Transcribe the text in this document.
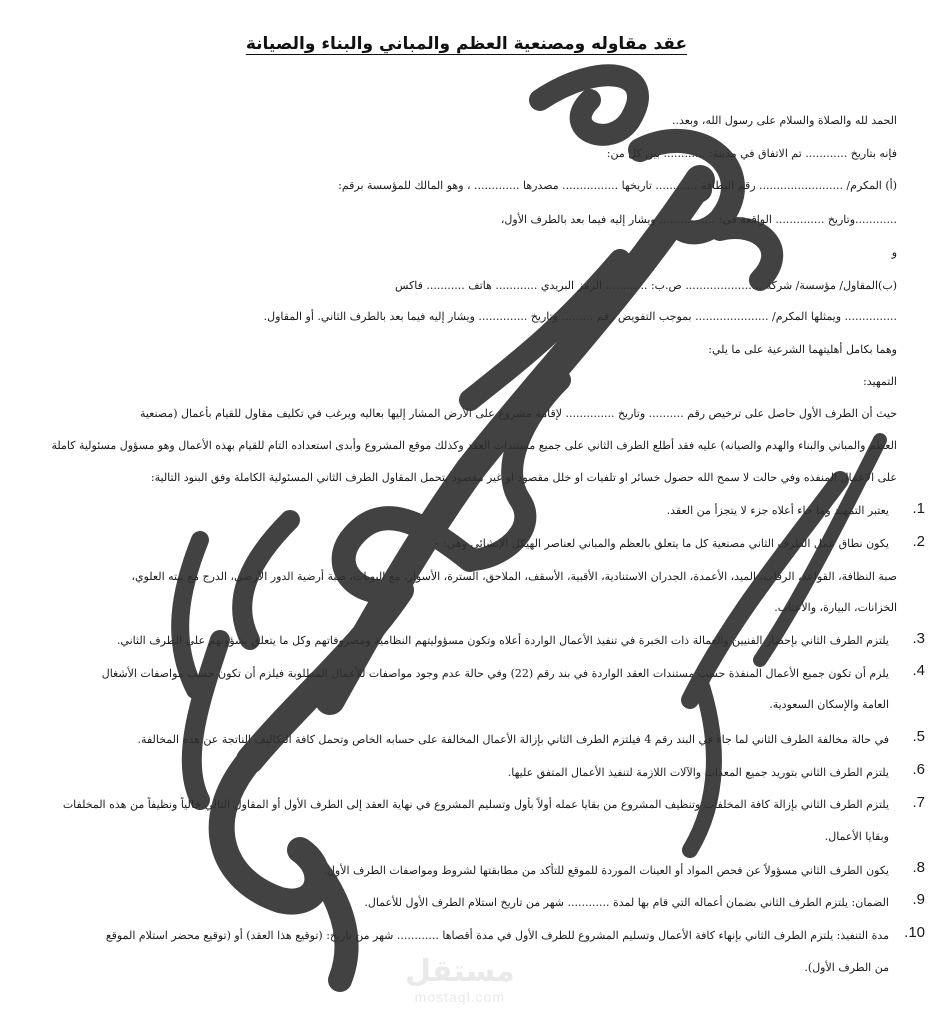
عقد مقاوله ومصنعية العظم والمباني والبناء والصيانة
الحمد لله والصلاة والسلام على رسول الله، وبعد..
فإنه بتاريخ ............ تم الاتفاق في مدينة: ............ بين كل من:
(أ) المكرم/ ........................ رقم البطاقة ............ تاريخها ................ مصدرها ............. ، وهو المالك للمؤسسة برقم:
............وتاريخ .............. الواقعة في: ................ ويشار إليه فيما بعد بالطرف الأول،
و
(ب)المقاول/ مؤسسة/ شركة ...................... ص.ب: ............ الرمز البريدي ............ هاتف ........... فاكس
............... ويمثلها المكرم/ ..................... بموجب التفويض رقم ......... وتاريخ .............. ويشار إليه فيما بعد بالطرف الثاني. أو المقاول.
وهما بكامل أهليتهما الشرعية على ما يلي:
التمهيد:
حيث أن الطرف الأول حاصل على ترخيص رقم .......... وتاريخ .............. لإقامة مشروع على الأرض المشار إليها بعاليه ويرغب في تكليف مقاول للقيام بأعمال (مصنعية
العظم والمباني والبناء والهدم والصيانه) عليه فقد أطلع الطرف الثاني على جميع مستندات العقد وكذلك موقع المشروع وأبدى استعداده التام للقيام بهذه الأعمال وهو مسؤول مسئولية كاملة
على الاعمال المنفذه وفي حالت لا سمح الله حصول خسائر او تلفيات او خلل مقصود او غير مقصود يتحمل المقاول الطرف الثاني المسئولية الكاملة وفق البنود التالية:
1.
يعتبر التمهيد وما جاء أعلاه جزء لا يتجزأ من العقد.
2.
يكون نطاق عمل الطرف الثاني مصنعية كل ما يتعلق بالعظم والمباني لعناصر الهيكل الإنشائي وهي: –
صبة النظافة، القواعد، الرقاب، الميد، الأعمدة، الجدران الاستنادية، الأقبية، الأسقف، الملاحق، السترة، الأسوار، مع البوبات، صبة أرضية الدور الأرضي، الدرج مع بيته العلوي،
الخزانات، البيارة، والأعتاب.
3.
يلتزم الطرف الثاني بإحضار الفنيين والعمالة ذات الخبرة في تنفيذ الأعمال الواردة أعلاه وتكون مسؤوليتهم النظامية ومصروفاتهم وكل ما يتعلق بشؤونهم على الطرف الثاني.
4.
يلزم أن تكون جميع الأعمال المنفذة حسب مستندات العقد الواردة في بند رقم (22) وفي حالة عدم وجود مواصفات للأعمال المطلوبة فيلزم أن تكون حسب مواصفات الأشغال
العامة والإسكان السعودية.
5.
في حالة مخالفة الطرف الثاني لما جاء في البند رقم 4 فيلتزم الطرف الثاني بإزالة الأعمال المخالفة على حسابه الخاص وتحمل كافة التكاليف الناتجة عن هذه المخالفة.
6.
يلتزم الطرف الثاني بتوريد جميع المعدات والآلات اللازمة لتنفيذ الأعمال المتفق عليها.
7.
يلتزم الطرف الثاني بإزالة كافة المخلفات وتنظيف المشروع من بقايا عمله أولاً بأول وتسليم المشروع في نهاية العقد إلى الطرف الأول أو المقاول التالي خالياً ونظيفاً من هذه المخلفات
وبقايا الأعمال.
8.
يكون الطرف الثاني مسؤولاً عن فحص المواد أو العينات الموردة للموقع للتأكد من مطابقتها لشروط ومواصفات الطرف الأول.
9.
الضمان: يلتزم الطرف الثاني بضمان أعماله التي قام بها لمدة ............ شهر من تاريخ استلام الطرف الأول للأعمال.
10.
مدة التنفيذ: يلتزم الطرف الثاني بإنهاء كافة الأعمال وتسليم المشروع للطرف الأول في مدة أقصاها ............ شهر من تاريخ: (توقيع هذا العقد) أو (توقيع محضر استلام الموقع
من الطرف الأول).
مستقل
mostaql.com
